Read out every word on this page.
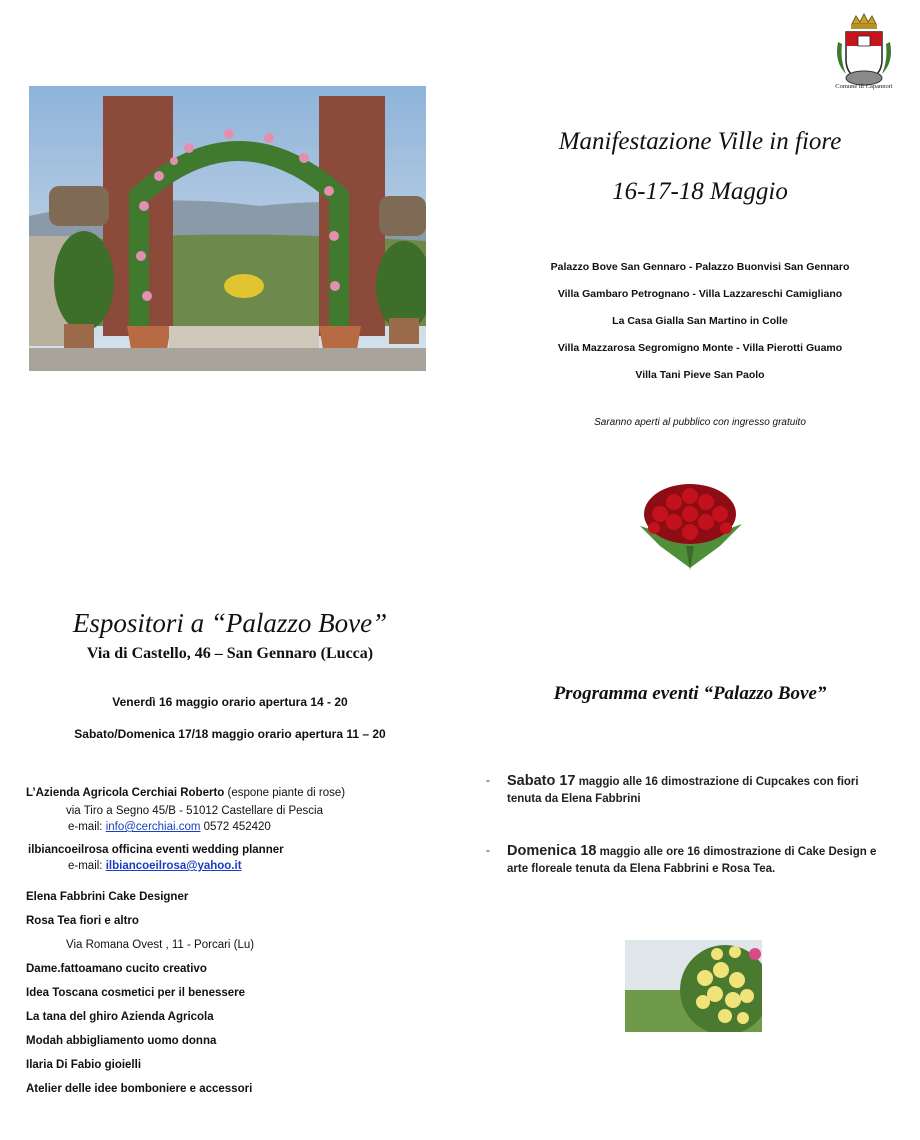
Comune di Capannori
Manifestazione Ville in fiore
16-17-18 Maggio
Palazzo Bove San Gennaro - Palazzo Buonvisi San Gennaro
Villa Gambaro Petrognano - Villa Lazzareschi Camigliano
La Casa Gialla San Martino in Colle
Villa Mazzarosa Segromigno Monte - Villa Pierotti Guamo
Villa Tani Pieve San Paolo
Saranno aperti al pubblico con ingresso gratuito
Espositori a “Palazzo Bove”
Via di Castello, 46 – San Gennaro (Lucca)
Venerdì 16 maggio orario apertura 14 - 20
Sabato/Domenica 17/18 maggio orario apertura 11 – 20
L’Azienda Agricola Cerchiai Roberto (espone piante di rose)
via Tiro a Segno 45/B - 51012 Castellare di Pescia
e-mail: info@cerchiai.com 0572 452420
ilbiancoeilrosa officina eventi wedding planner
e-mail: ilbiancoeilrosa@yahoo.it
Elena Fabbrini Cake Designer
Rosa Tea fiori e altro
Via Romana Ovest , 11 - Porcari (Lu)
Dame.fattoamano cucito creativo
Idea Toscana cosmetici per il benessere
La tana del ghiro Azienda Agricola
Modah abbigliamento uomo donna
Ilaria Di Fabio gioielli
Atelier delle idee bomboniere e accessori
Programma eventi “Palazzo Bove”
- Sabato 17 maggio alle 16 dimostrazione di Cupcakes con fiori tenuta da Elena Fabbrini
- Domenica 18 maggio alle ore 16 dimostrazione di Cake Design e arte floreale tenuta da Elena Fabbrini e Rosa Tea.
